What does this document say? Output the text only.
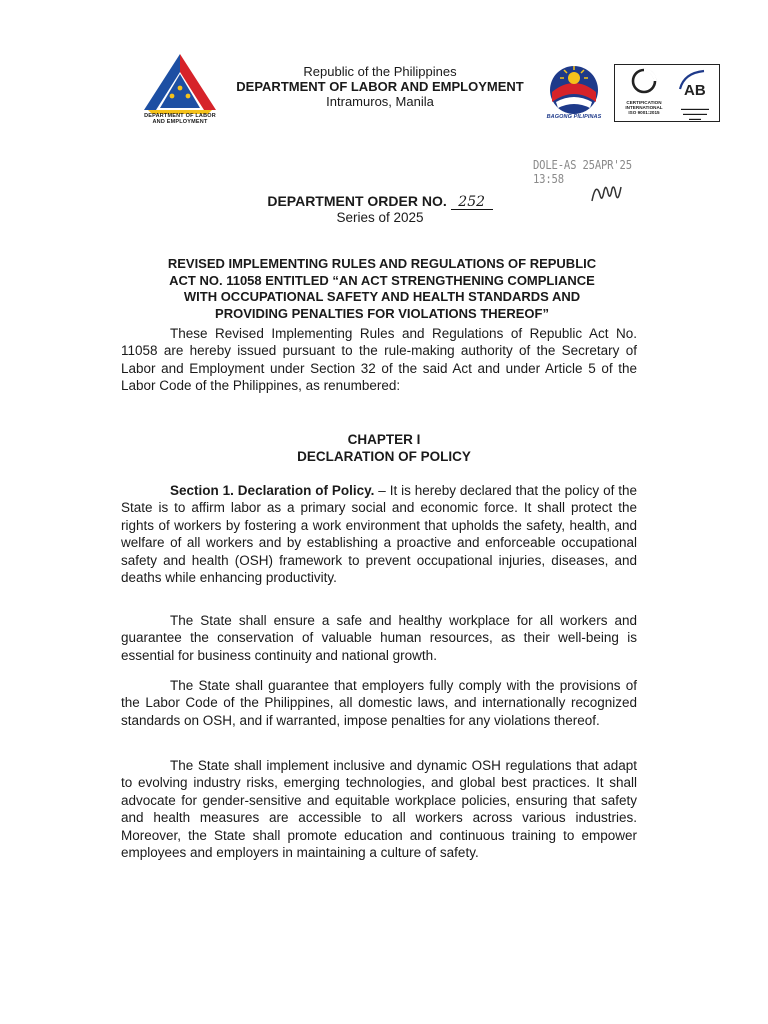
DEPARTMENT OF LABOR
AND EMPLOYMENT
Republic of the Philippines
DEPARTMENT OF LABOR AND EMPLOYMENT
Intramuros, Manila
BAGONG PILIPINAS
CERTIFICATION
INTERNATIONAL
ISO 9001:2015
AB
▬▬▬▬▬▬▬
▬▬▬▬▬▬
▬▬▬
DOLE-AS 25APR'25 13:58
DEPARTMENT ORDER NO. 252
Series of 2025
REVISED IMPLEMENTING RULES AND REGULATIONS OF REPUBLIC
ACT NO. 11058 ENTITLED “AN ACT STRENGTHENING COMPLIANCE
WITH OCCUPATIONAL SAFETY AND HEALTH STANDARDS AND
PROVIDING PENALTIES FOR VIOLATIONS THEREOF”

These Revised Implementing Rules and Regulations of Republic Act No. 11058 are hereby issued pursuant to the rule-making authority of the Secretary of Labor and Employment under Section 32 of the said Act and under Article 5 of the Labor Code of the Philippines, as renumbered:

CHAPTER I
DECLARATION OF POLICY

Section 1. Declaration of Policy. – It is hereby declared that the policy of the State is to affirm labor as a primary social and economic force. It shall protect the rights of workers by fostering a work environment that upholds the safety, health, and welfare of all workers and by establishing a proactive and enforceable occupational safety and health (OSH) framework to prevent occupational injuries, diseases, and deaths while enhancing productivity.

The State shall ensure a safe and healthy workplace for all workers and guarantee the conservation of valuable human resources, as their well-being is essential for business continuity and national growth.

The State shall guarantee that employers fully comply with the provisions of the Labor Code of the Philippines, all domestic laws, and internationally recognized standards on OSH, and if warranted, impose penalties for any violations thereof.

The State shall implement inclusive and dynamic OSH regulations that adapt to evolving industry risks, emerging technologies, and global best practices. It shall advocate for gender-sensitive and equitable workplace policies, ensuring that safety and health measures are accessible to all workers across various industries. Moreover, the State shall promote education and continuous training to empower employees and employers in maintaining a culture of safety.
